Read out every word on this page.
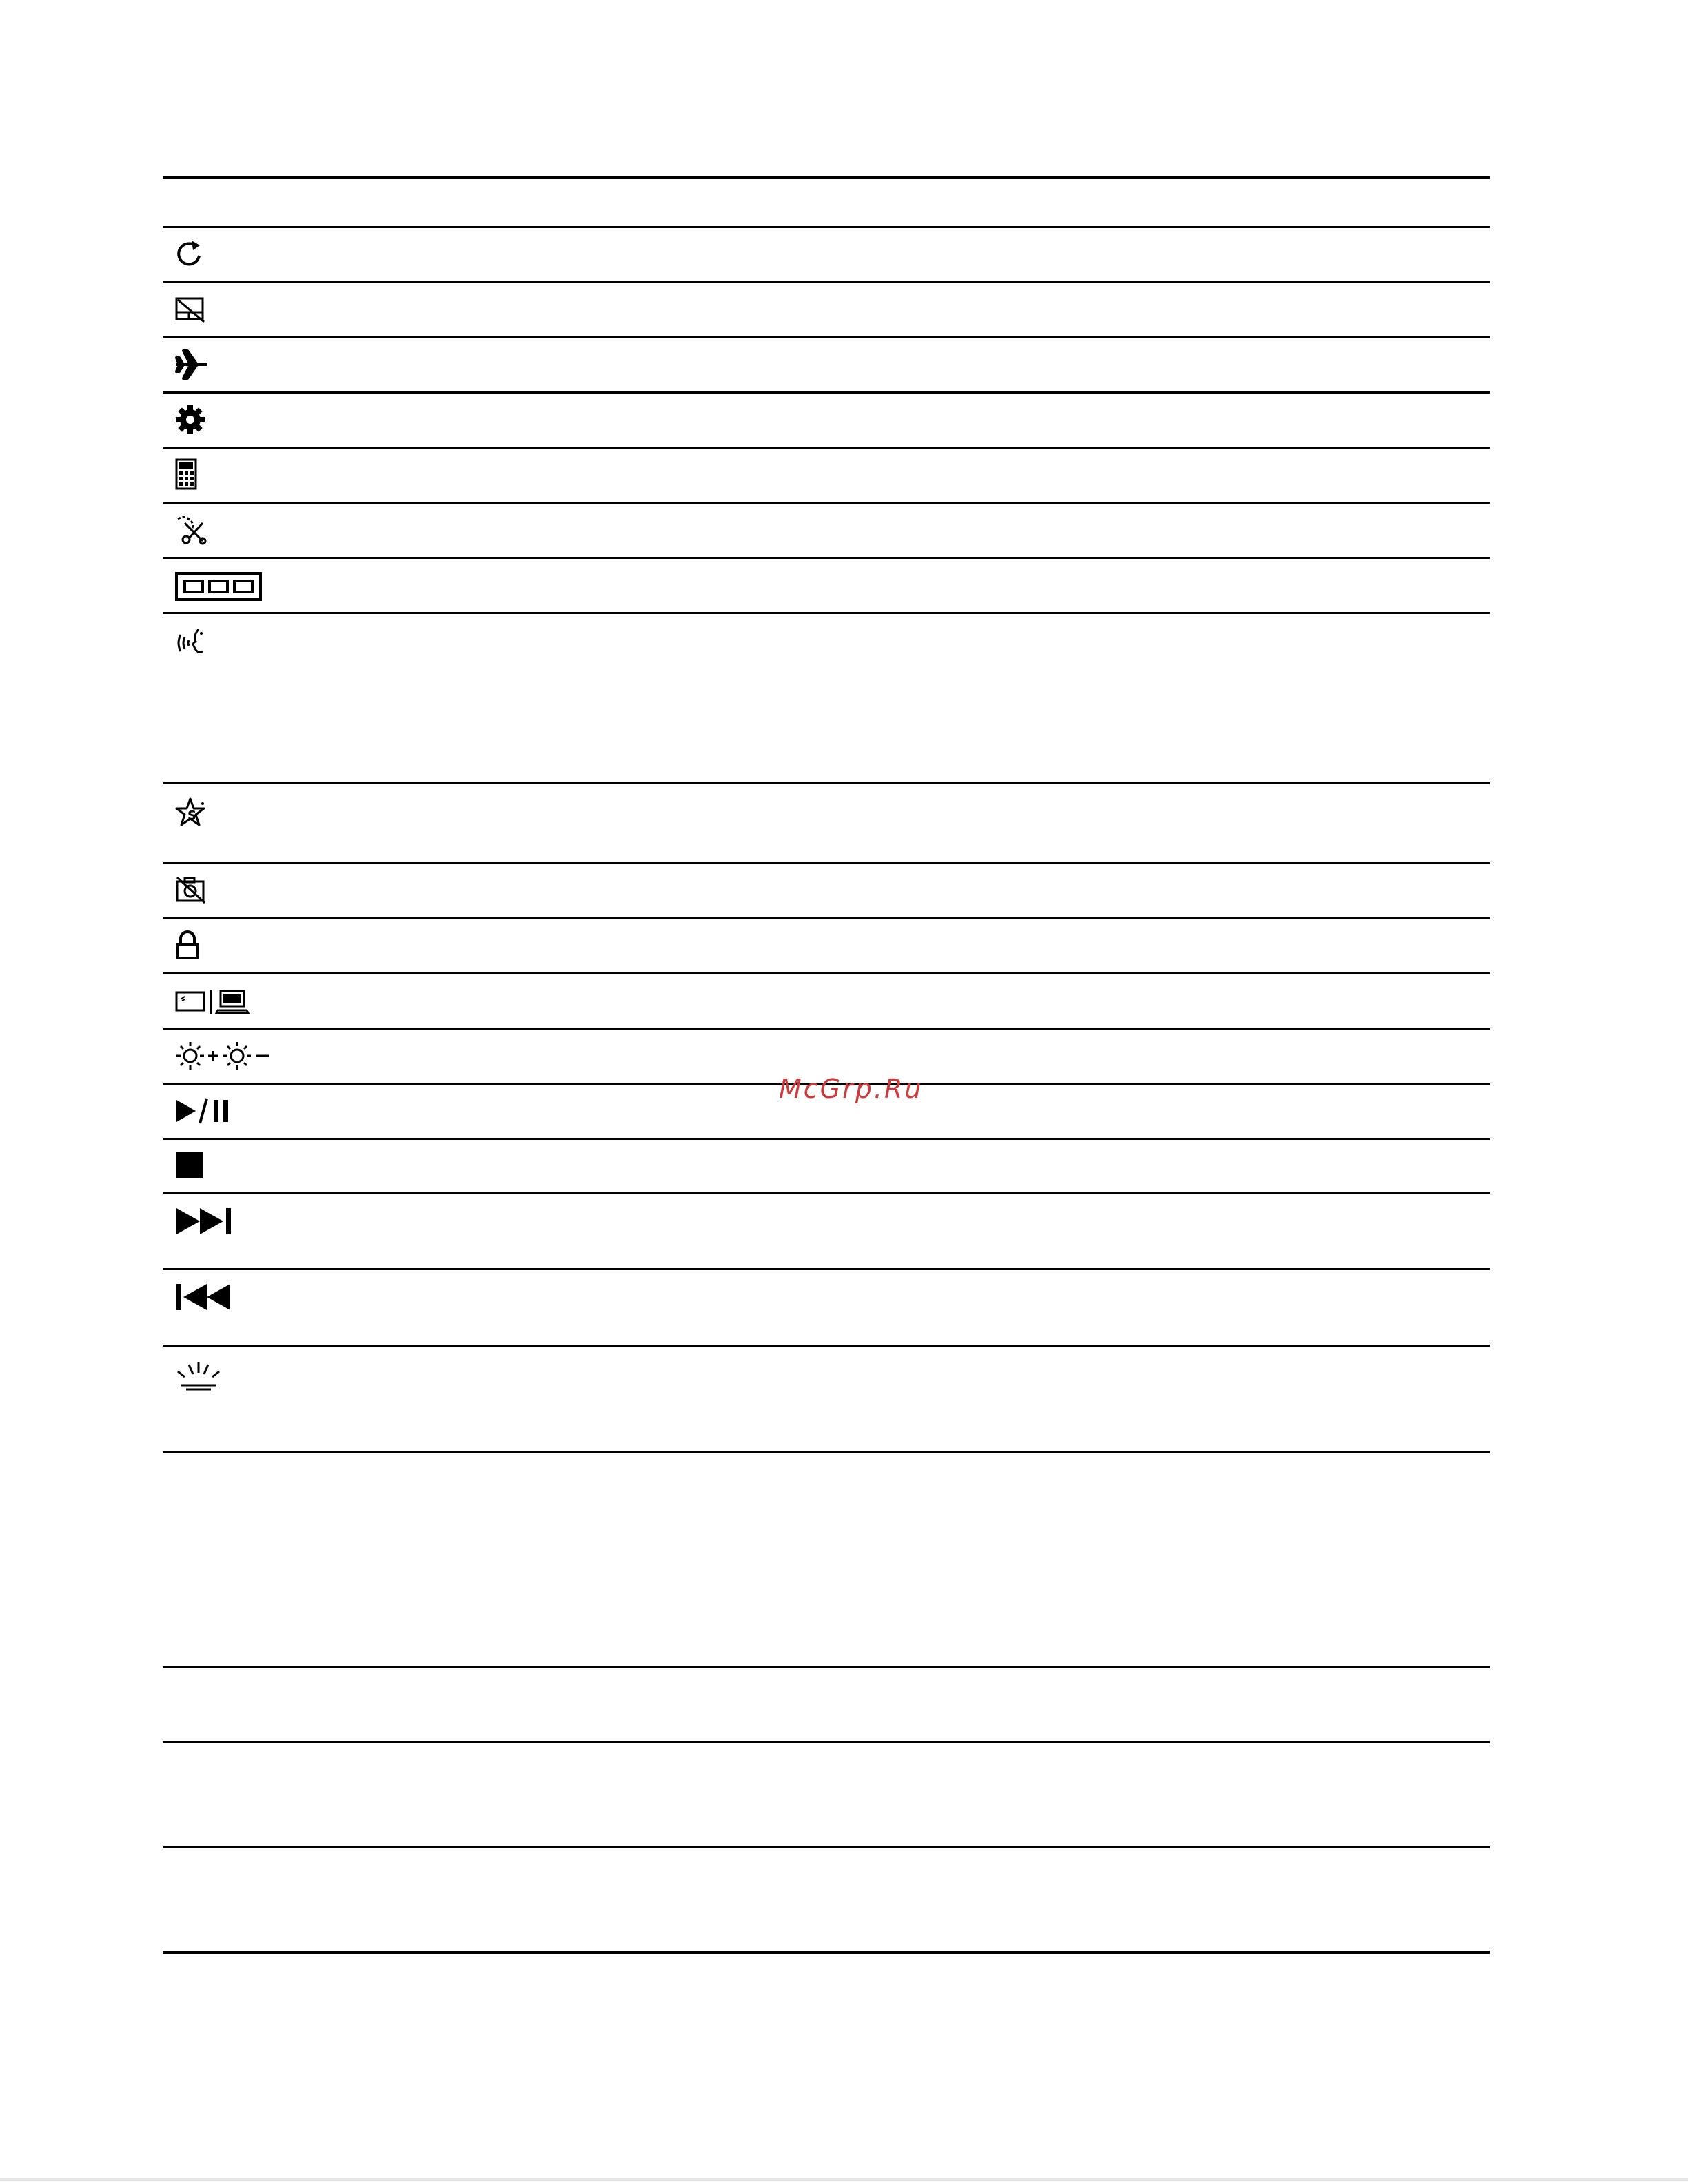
S
McGrp.Ru
